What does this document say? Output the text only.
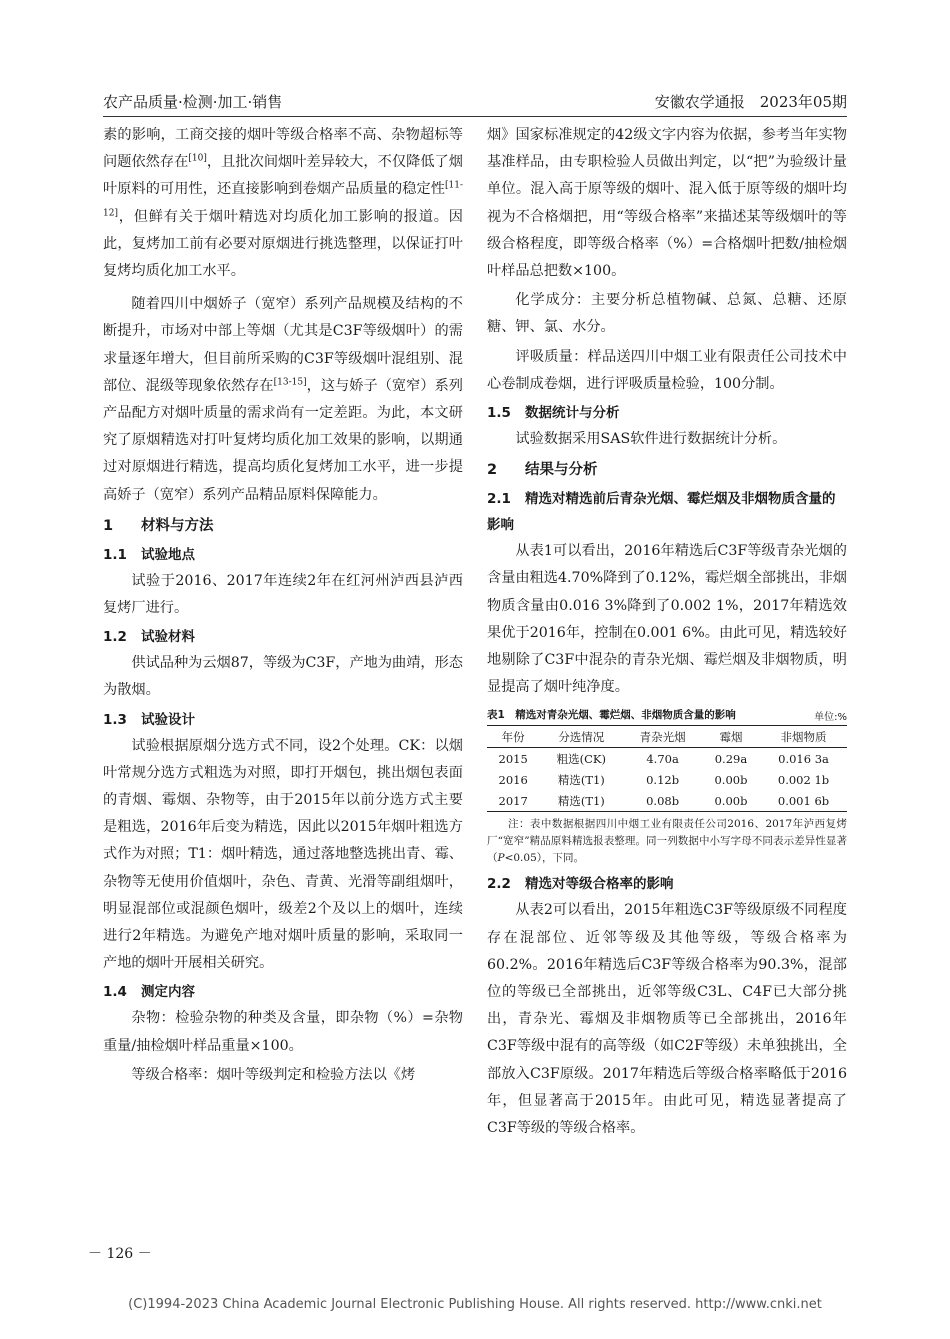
农产品质量·检测·加工·销售	安徽农学通报　2023年05期

素的影响，工商交接的烟叶等级合格率不高、杂物超标等问题依然存在[10]，且批次间烟叶差异较大，不仅降低了烟叶原料的可用性，还直接影响到卷烟产品质量的稳定性[11-12]，但鲜有关于烟叶精选对均质化加工影响的报道。因此，复烤加工前有必要对原烟进行挑选整理，以保证打叶复烤均质化加工水平。

随着四川中烟娇子（宽窄）系列产品规模及结构的不断提升，市场对中部上等烟（尤其是C3F等级烟叶）的需求量逐年增大，但目前所采购的C3F等级烟叶混组别、混部位、混级等现象依然存在[13-15]，这与娇子（宽窄）系列产品配方对烟叶质量的需求尚有一定差距。为此，本文研究了原烟精选对打叶复烤均质化加工效果的影响，以期通过对原烟进行精选，提高均质化复烤加工水平，进一步提高娇子（宽窄）系列产品精品原料保障能力。

1 材料与方法
1.1 试验地点

试验于2016、2017年连续2年在红河州泸西县泸西复烤厂进行。

1.2 试验材料

供试品种为云烟87，等级为C3F，产地为曲靖，形态为散烟。

1.3 试验设计

试验根据原烟分选方式不同，设2个处理。CK：以烟叶常规分选方式粗选为对照，即打开烟包，挑出烟包表面的青烟、霉烟、杂物等，由于2015年以前分选方式主要是粗选，2016年后变为精选，因此以2015年烟叶粗选方式作为对照；T1：烟叶精选，通过落地整选挑出青、霉、杂物等无使用价值烟叶，杂色、青黄、光滑等副组烟叶，明显混部位或混颜色烟叶，级差2个及以上的烟叶，连续进行2年精选。为避免产地对烟叶质量的影响，采取同一产地的烟叶开展相关研究。

1.4 测定内容

杂物：检验杂物的种类及含量，即杂物（%）=杂物重量/抽检烟叶样品重量×100。

等级合格率：烟叶等级判定和检验方法以《烤

烟》国家标准规定的42级文字内容为依据，参考当年实物基准样品，由专职检验人员做出判定，以“把”为验级计量单位。混入高于原等级的烟叶、混入低于原等级的烟叶均视为不合格烟把，用“等级合格率”来描述某等级烟叶的等级合格程度，即等级合格率（%）=合格烟叶把数/抽检烟叶样品总把数×100。

化学成分：主要分析总植物碱、总氮、总糖、还原糖、钾、氯、水分。

评吸质量：样品送四川中烟工业有限责任公司技术中心卷制成卷烟，进行评吸质量检验，100分制。

1.5 数据统计与分析

试验数据采用SAS软件进行数据统计分析。

2 结果与分析
2.1 精选对精选前后青杂光烟、霉烂烟及非烟物质含量的影响

从表1可以看出，2016年精选后C3F等级青杂光烟的含量由粗选4.70%降到了0.12%，霉烂烟全部挑出，非烟物质含量由0.016 3%降到了0.002 1%，2017年精选效果优于2016年，控制在0.001 6%。由此可见，精选较好地剔除了C3F中混杂的青杂光烟、霉烂烟及非烟物质，明显提高了烟叶纯净度。

表1　精选对青杂光烟、霉烂烟、非烟物质含量的影响	单位:%
年份	分选情况	青杂光烟	霉烟	非烟物质
2015	粗选(CK)	4.70a	0.29a	0.016 3a
2016	精选(T1)	0.12b	0.00b	0.002 1b
2017	精选(T1)	0.08b	0.00b	0.001 6b

注：表中数据根据四川中烟工业有限责任公司2016、2017年泸西复烤厂“宽窄”精品原料精选报表整理。同一列数据中小写字母不同表示差异性显著（P<0.05），下同。

2.2 精选对等级合格率的影响

从表2可以看出，2015年粗选C3F等级原级不同程度存在混部位、近邻等级及其他等级，等级合格率为60.2%。2016年精选后C3F等级合格率为90.3%，混部位的等级已全部挑出，近邻等级C3L、C4F已大部分挑出，青杂光、霉烟及非烟物质等已全部挑出，2016年C3F等级中混有的高等级（如C2F等级）未单独挑出，全部放入C3F原级。2017年精选后等级合格率略低于2016年，但显著高于2015年。由此可见，精选显著提高了C3F等级的等级合格率。

－ 126 －
(C)1994-2023 China Academic Journal Electronic Publishing House. All rights reserved. http://www.cnki.net
